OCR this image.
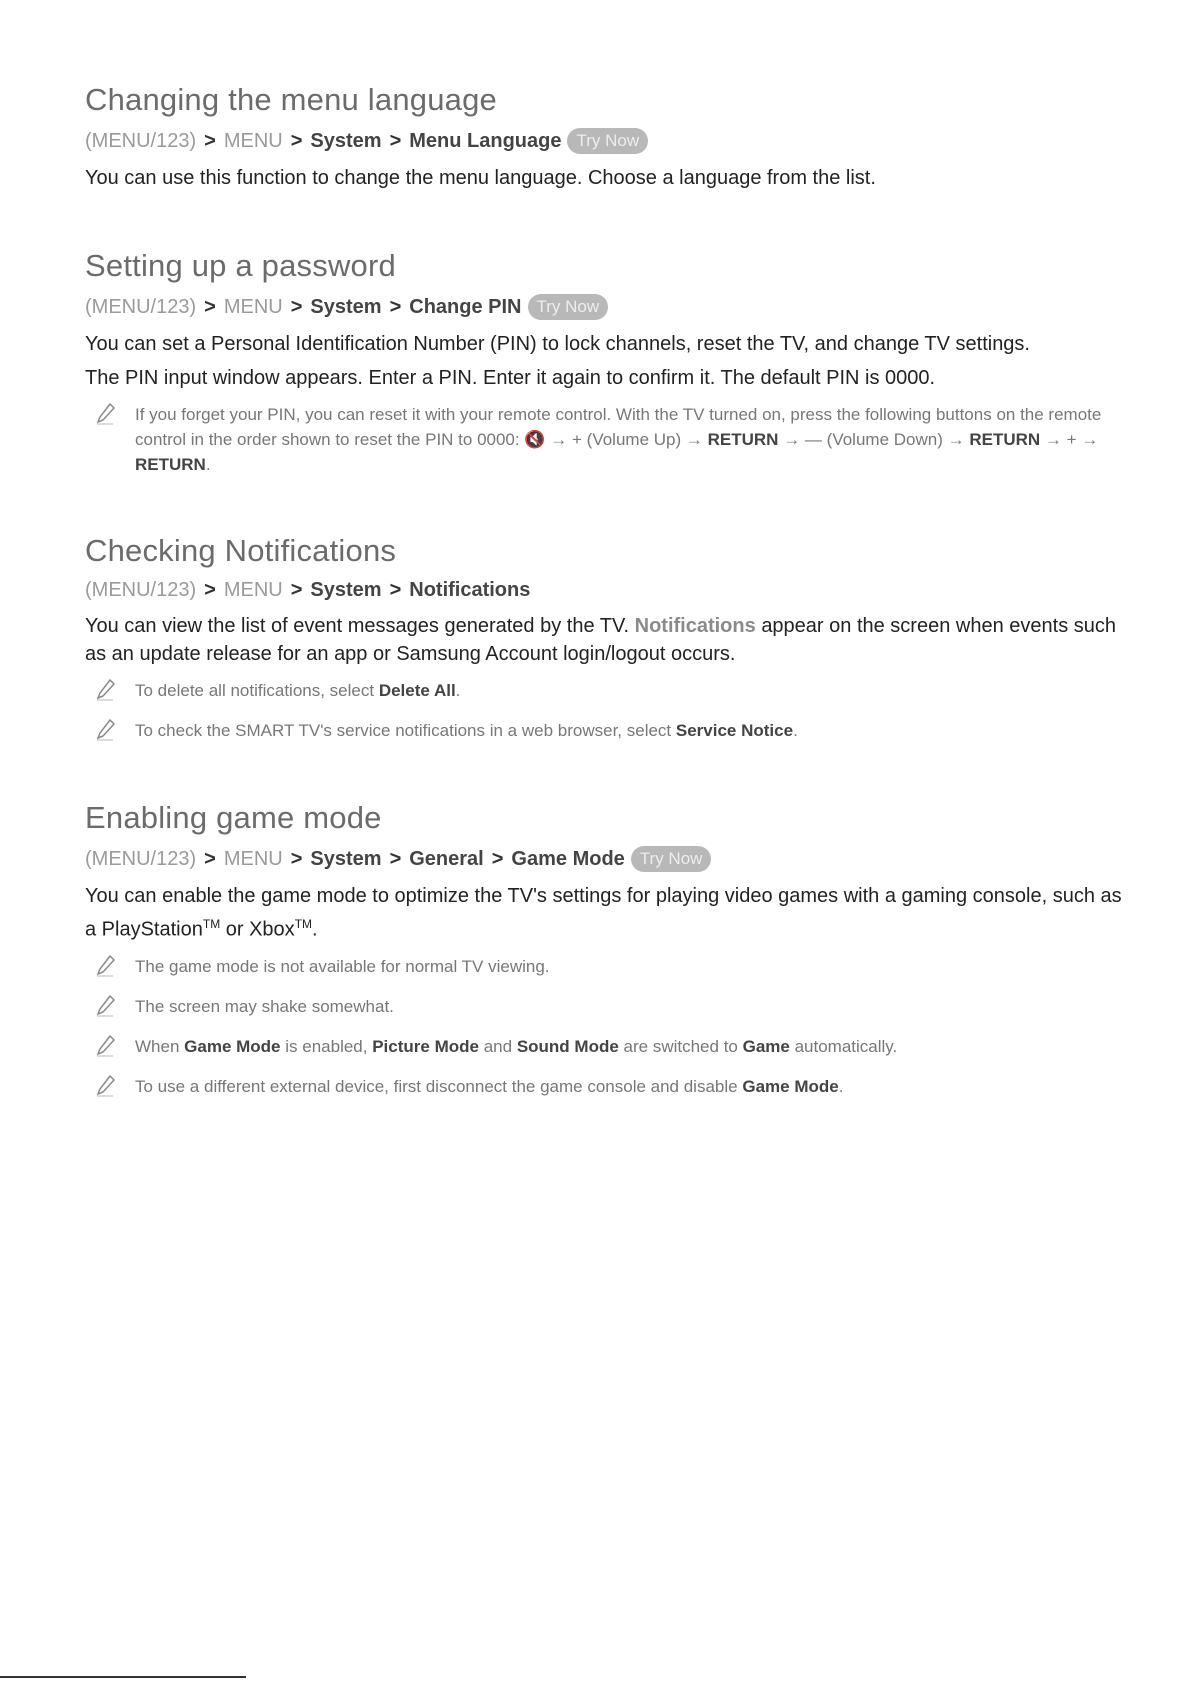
Changing the menu language
(MENU/123) > MENU > System > Menu Language Try Now

You can use this function to change the menu language. Choose a language from the list.

Setting up a password
(MENU/123) > MENU > System > Change PIN Try Now

You can set a Personal Identification Number (PIN) to lock channels, reset the TV, and change TV settings.

The PIN input window appears. Enter a PIN. Enter it again to confirm it. The default PIN is 0000.

If you forget your PIN, you can reset it with your remote control. With the TV turned on, press the following buttons on the remote control in the order shown to reset the PIN to 0000: 🔇 → + (Volume Up) → RETURN → — (Volume Down) → RETURN → + → RETURN.
Checking Notifications
(MENU/123) > MENU > System > Notifications

You can view the list of event messages generated by the TV. Notifications appear on the screen when events such as an update release for an app or Samsung Account login/logout occurs.

To delete all notifications, select Delete All.
To check the SMART TV's service notifications in a web browser, select Service Notice.
Enabling game mode
(MENU/123) > MENU > System > General > Game Mode Try Now

You can enable the game mode to optimize the TV's settings for playing video games with a gaming console, such as a PlayStation™ or Xbox™.

The game mode is not available for normal TV viewing.
The screen may shake somewhat.
When Game Mode is enabled, Picture Mode and Sound Mode are switched to Game automatically.
To use a different external device, first disconnect the game console and disable Game Mode.
